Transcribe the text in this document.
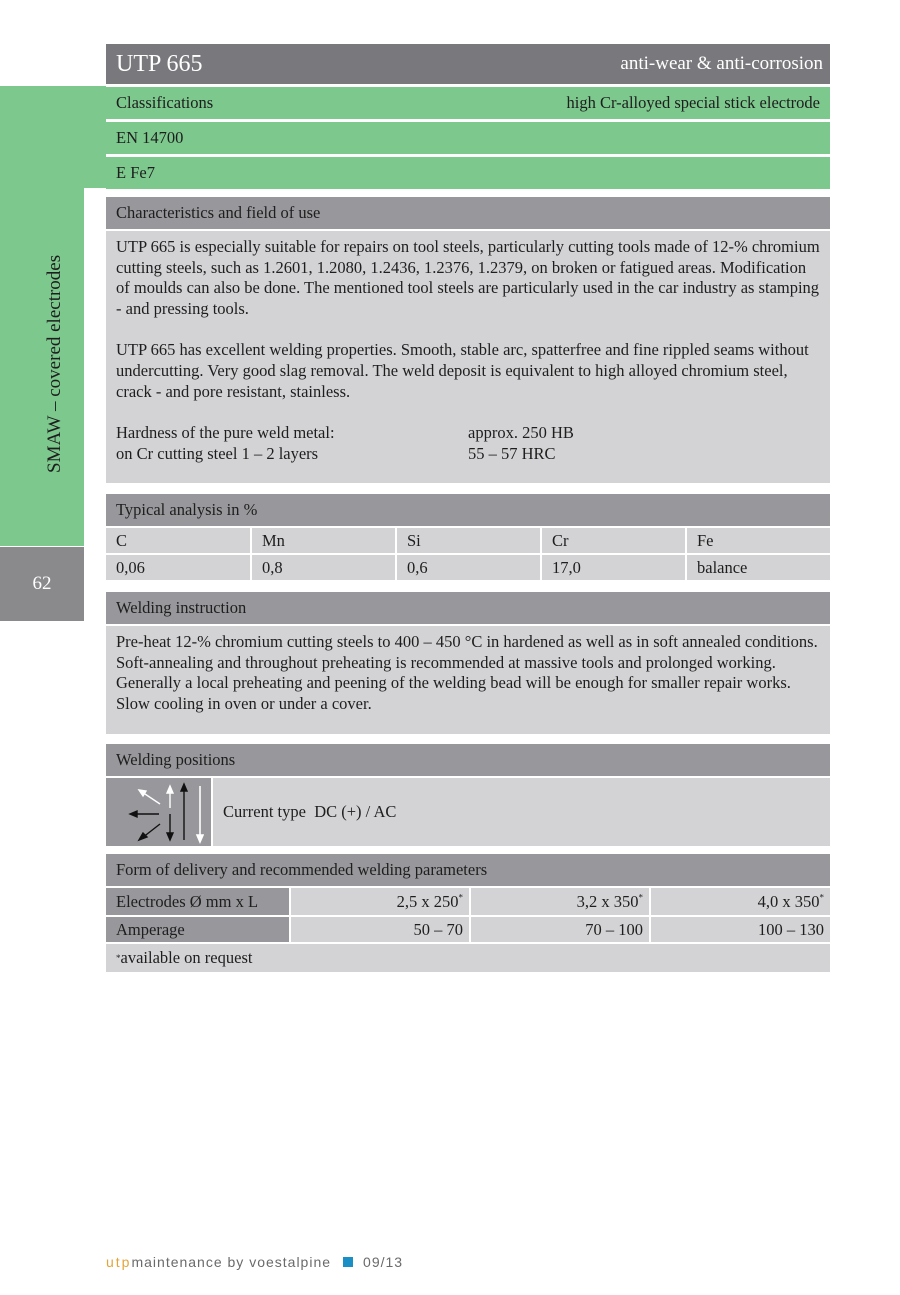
SMAW – covered electrodes
62
UTP 665	anti-wear & anti-corrosion
Classifications	high Cr-alloyed special stick electrode
EN 14700
E Fe7
Characteristics and field of use

UTP 665 is especially suitable for repairs on tool steels, particularly cutting tools made of 12-% chromium cutting steels, such as 1.2601, 1.2080, 1.2436, 1.2376, 1.2379, on broken or fatigued areas. Modification of moulds can also be done. The mentioned tool steels are particularly used in the car industry as stamping - and pressing tools.

UTP 665 has excellent welding properties. Smooth, stable arc, spatterfree and fine rippled seams without undercutting. Very good slag removal. The weld deposit is equivalent to high alloyed chromium steel, crack - and pore resistant, stainless.

Hardness of the pure weld metal:	approx. 250 HB
on Cr cutting steel 1 – 2 layers	55 – 57 HRC
Typical analysis in %
C	Mn	Si	Cr	Fe
0,06	0,8	0,6	17,0	balance
Welding instruction

Pre-heat 12-% chromium cutting steels to 400 – 450 °C in hardened as well as in soft annealed conditions. Soft-annealing and throughout preheating is recommended at massive tools and prolonged working. Generally a local preheating and peening of the welding bead will be enough for smaller repair works. Slow cooling in oven or under a cover.

Welding positions
Current type
DC (+) / AC
Form of delivery and recommended welding parameters
Electrodes Ø mm x L	2,5 x 250*	3,2 x 350*	4,0 x 350*
Amperage	50 – 70	70 – 100	100 – 130
* available on request
utp maintenance by voestalpine 09/13
